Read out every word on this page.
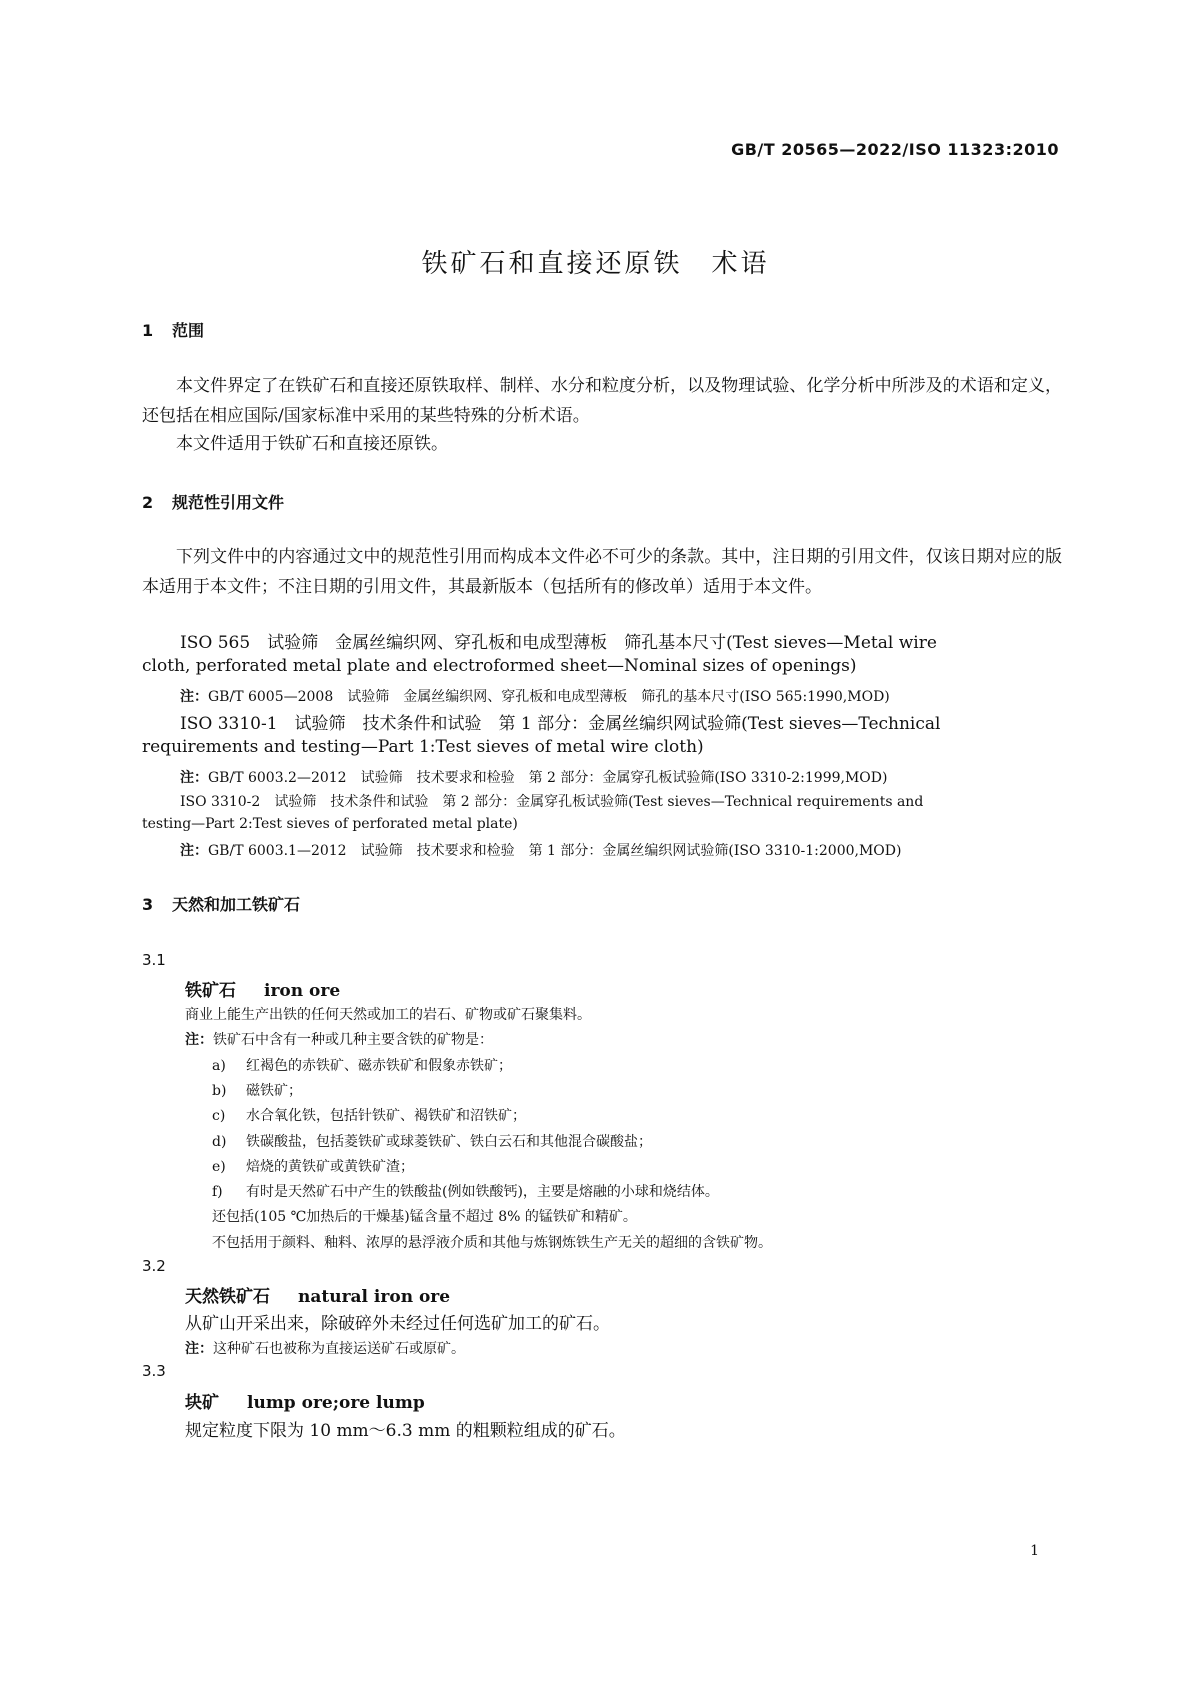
GB/T 20565—2022/ISO 11323:2010
铁矿石和直接还原铁　术语
1 范围
本文件界定了在铁矿石和直接还原铁取样、制样、水分和粒度分析，以及物理试验、化学分析中所涉及的术语和定义，还包括在相应国际/国家标准中采用的某些特殊的分析术语。
本文件适用于铁矿石和直接还原铁。
2 规范性引用文件
下列文件中的内容通过文中的规范性引用而构成本文件必不可少的条款。其中，注日期的引用文件，仅该日期对应的版本适用于本文件；不注日期的引用文件，其最新版本（包括所有的修改单）适用于本文件。
ISO 565　试验筛　金属丝编织网、穿孔板和电成型薄板　筛孔基本尺寸(Test sieves—Metal wire
cloth, perforated metal plate and electroformed sheet—Nominal sizes of openings)
注：GB/T 6005—2008　试验筛　金属丝编织网、穿孔板和电成型薄板　筛孔的基本尺寸(ISO 565:1990,MOD)
ISO 3310-1　试验筛　技术条件和试验　第 1 部分：金属丝编织网试验筛(Test sieves—Technical
requirements and testing—Part 1:Test sieves of metal wire cloth)
注：GB/T 6003.2—2012　试验筛　技术要求和检验　第 2 部分：金属穿孔板试验筛(ISO 3310-2:1999,MOD)
ISO 3310-2　试验筛　技术条件和试验　第 2 部分：金属穿孔板试验筛(Test sieves—Technical requirements and
testing—Part 2:Test sieves of perforated metal plate)
注：GB/T 6003.1—2012　试验筛　技术要求和检验　第 1 部分：金属丝编织网试验筛(ISO 3310-1:2000,MOD)
3 天然和加工铁矿石
3.1
铁矿石 iron ore
商业上能生产出铁的任何天然或加工的岩石、矿物或矿石聚集料。
注：铁矿石中含有一种或几种主要含铁的矿物是：
a) 红褐色的赤铁矿、磁赤铁矿和假象赤铁矿；
b) 磁铁矿；
c) 水合氧化铁，包括针铁矿、褐铁矿和沼铁矿；
d) 铁碳酸盐，包括菱铁矿或球菱铁矿、铁白云石和其他混合碳酸盐；
e) 焙烧的黄铁矿或黄铁矿渣；
f) 有时是天然矿石中产生的铁酸盐(例如铁酸钙)，主要是熔融的小球和烧结体。
还包括(105 ℃加热后的干燥基)锰含量不超过 8% 的锰铁矿和精矿。
不包括用于颜料、釉料、浓厚的悬浮液介质和其他与炼钢炼铁生产无关的超细的含铁矿物。
3.2
天然铁矿石 natural iron ore
从矿山开采出来，除破碎外未经过任何选矿加工的矿石。
注：这种矿石也被称为直接运送矿石或原矿。
3.3
块矿 lump ore;ore lump
规定粒度下限为 10 mm～6.3 mm 的粗颗粒组成的矿石。
1
